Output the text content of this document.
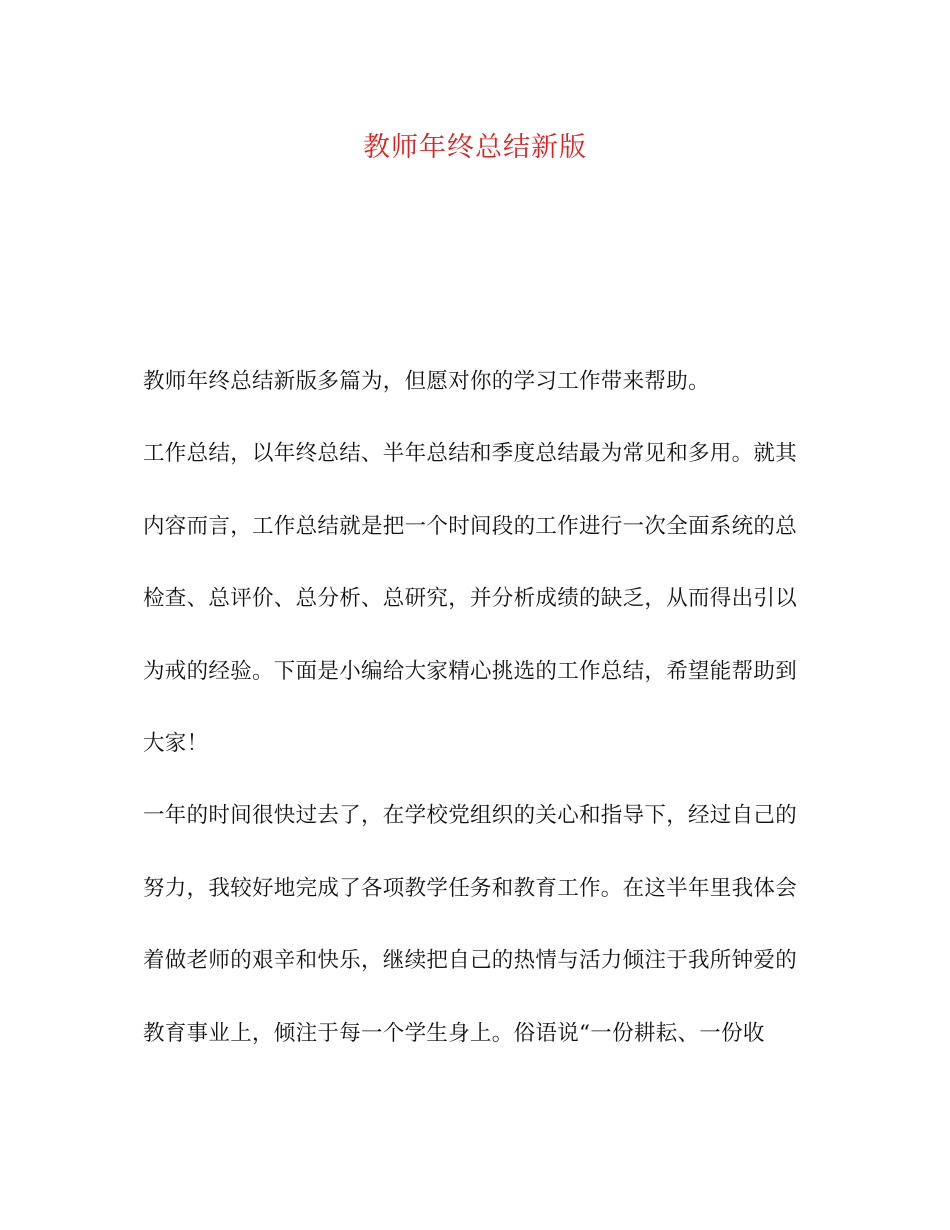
教师年终总结新版
教师年终总结新版多篇为，但愿对你的学习工作带来帮助。
工作总结，以年终总结、半年总结和季度总结最为常见和多用。就其
内容而言，工作总结就是把一个时间段的工作进行一次全面系统的总
检查、总评价、总分析、总研究，并分析成绩的缺乏，从而得出引以
为戒的经验。下面是小编给大家精心挑选的工作总结，希望能帮助到
大家！
一年的时间很快过去了，在学校党组织的关心和指导下，经过自己的
努力，我较好地完成了各项教学任务和教育工作。在这半年里我体会
着做老师的艰辛和快乐，继续把自己的热情与活力倾注于我所钟爱的
教育事业上，倾注于每一个学生身上。俗语说“一份耕耘、一份收
